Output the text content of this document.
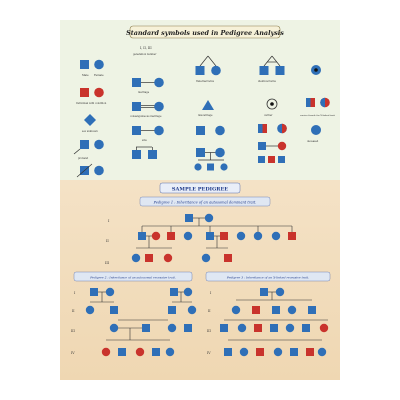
Standard symbols used in Pedigree Analysis
Male Female
Individual with condition
sex unknown
proband
I, II, III
generation number
marriage
consanguineous marriage
sibs
fraternal twins
miscarriage
identical twins
carrier	carrier female for X-linked trait
deceased
SAMPLE PEDIGREE
Pedigree 1 : Inheritance of an autosomal dominant trait.
I
II
III
Pedigree 2 : Inheritance of an autosomal recessive trait.
I
II
III
IV
Pedigree 3 : Inheritance of an X-linked recessive trait.
I
II
III
IV
